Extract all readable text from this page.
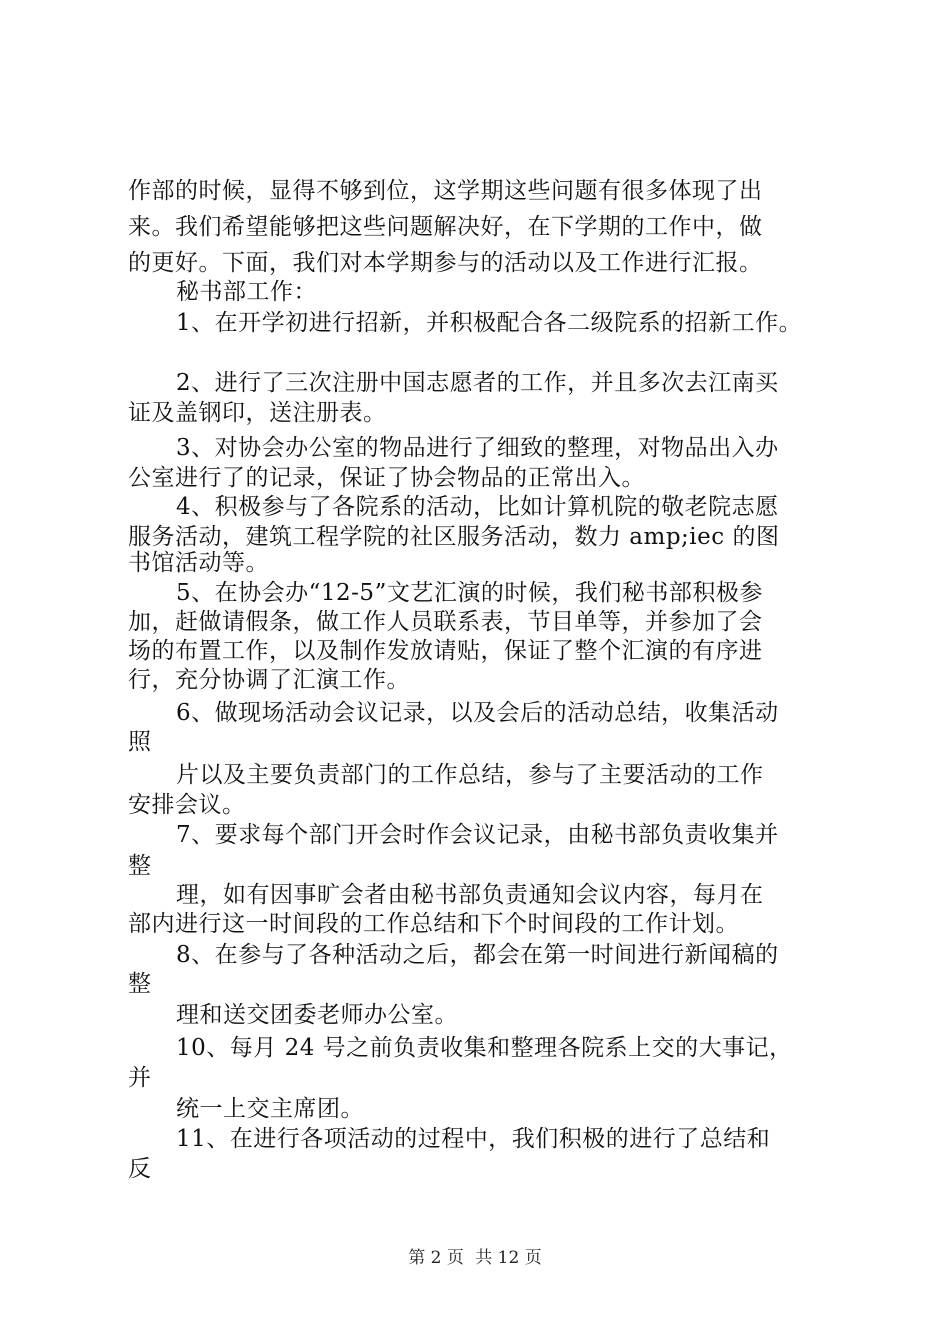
作部的时候，显得不够到位，这学期这些问题有很多体现了出
来。我们希望能够把这些问题解决好，在下学期的工作中，做
的更好。下面，我们对本学期参与的活动以及工作进行汇报。
秘书部工作：
1、在开学初进行招新，并积极配合各二级院系的招新工作。
2、进行了三次注册中国志愿者的工作，并且多次去江南买
证及盖钢印，送注册表。
3、对协会办公室的物品进行了细致的整理，对物品出入办
公室进行了的记录，保证了协会物品的正常出入。
4、积极参与了各院系的活动，比如计算机院的敬老院志愿
服务活动，建筑工程学院的社区服务活动，数力 amp;iec 的图
书馆活动等。
5、在协会办“12-5”文艺汇演的时候，我们秘书部积极参
加，赶做请假条，做工作人员联系表，节目单等，并参加了会
场的布置工作，以及制作发放请贴，保证了整个汇演的有序进
行，充分协调了汇演工作。
6、做现场活动会议记录，以及会后的活动总结，收集活动
照
片以及主要负责部门的工作总结，参与了主要活动的工作
安排会议。
7、要求每个部门开会时作会议记录，由秘书部负责收集并
整
理，如有因事旷会者由秘书部负责通知会议内容，每月在
部内进行这一时间段的工作总结和下个时间段的工作计划。
8、在参与了各种活动之后，都会在第一时间进行新闻稿的
整
理和送交团委老师办公室。
10、每月 24 号之前负责收集和整理各院系上交的大事记，
并
统一上交主席团。
11、在进行各项活动的过程中，我们积极的进行了总结和
反
第 2 页 共 12 页
